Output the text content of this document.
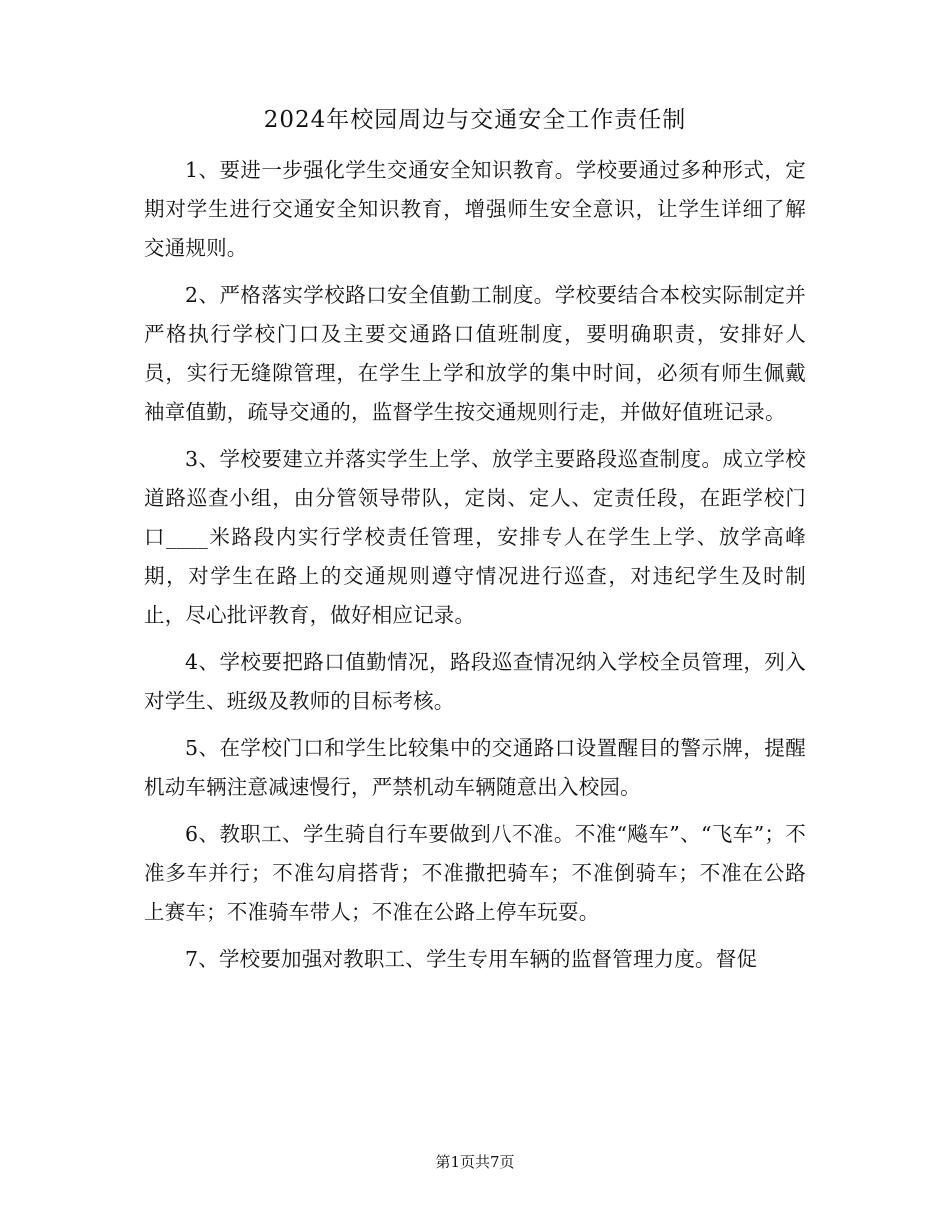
2024年校园周边与交通安全工作责任制

1、要进一步强化学生交通安全知识教育。学校要通过多种形式，定期对学生进行交通安全知识教育，增强师生安全意识，让学生详细了解交通规则。

2、严格落实学校路口安全值勤工制度。学校要结合本校实际制定并严格执行学校门口及主要交通路口值班制度，要明确职责，安排好人员，实行无缝隙管理，在学生上学和放学的集中时间，必须有师生佩戴袖章值勤，疏导交通的，监督学生按交通规则行走，并做好值班记录。

3、学校要建立并落实学生上学、放学主要路段巡查制度。成立学校道路巡查小组，由分管领导带队，定岗、定人、定责任段，在距学校门口____米路段内实行学校责任管理，安排专人在学生上学、放学高峰期，对学生在路上的交通规则遵守情况进行巡查，对违纪学生及时制止，尽心批评教育，做好相应记录。

4、学校要把路口值勤情况，路段巡查情况纳入学校全员管理，列入对学生、班级及教师的目标考核。

5、在学校门口和学生比较集中的交通路口设置醒目的警示牌，提醒机动车辆注意减速慢行，严禁机动车辆随意出入校园。

6、教职工、学生骑自行车要做到八不准。不准“飚车”、“飞车”；不准多车并行；不准勾肩搭背；不准撒把骑车；不准倒骑车；不准在公路上赛车；不准骑车带人；不准在公路上停车玩耍。

7、学校要加强对教职工、学生专用车辆的监督管理力度。督促

第1页共7页
